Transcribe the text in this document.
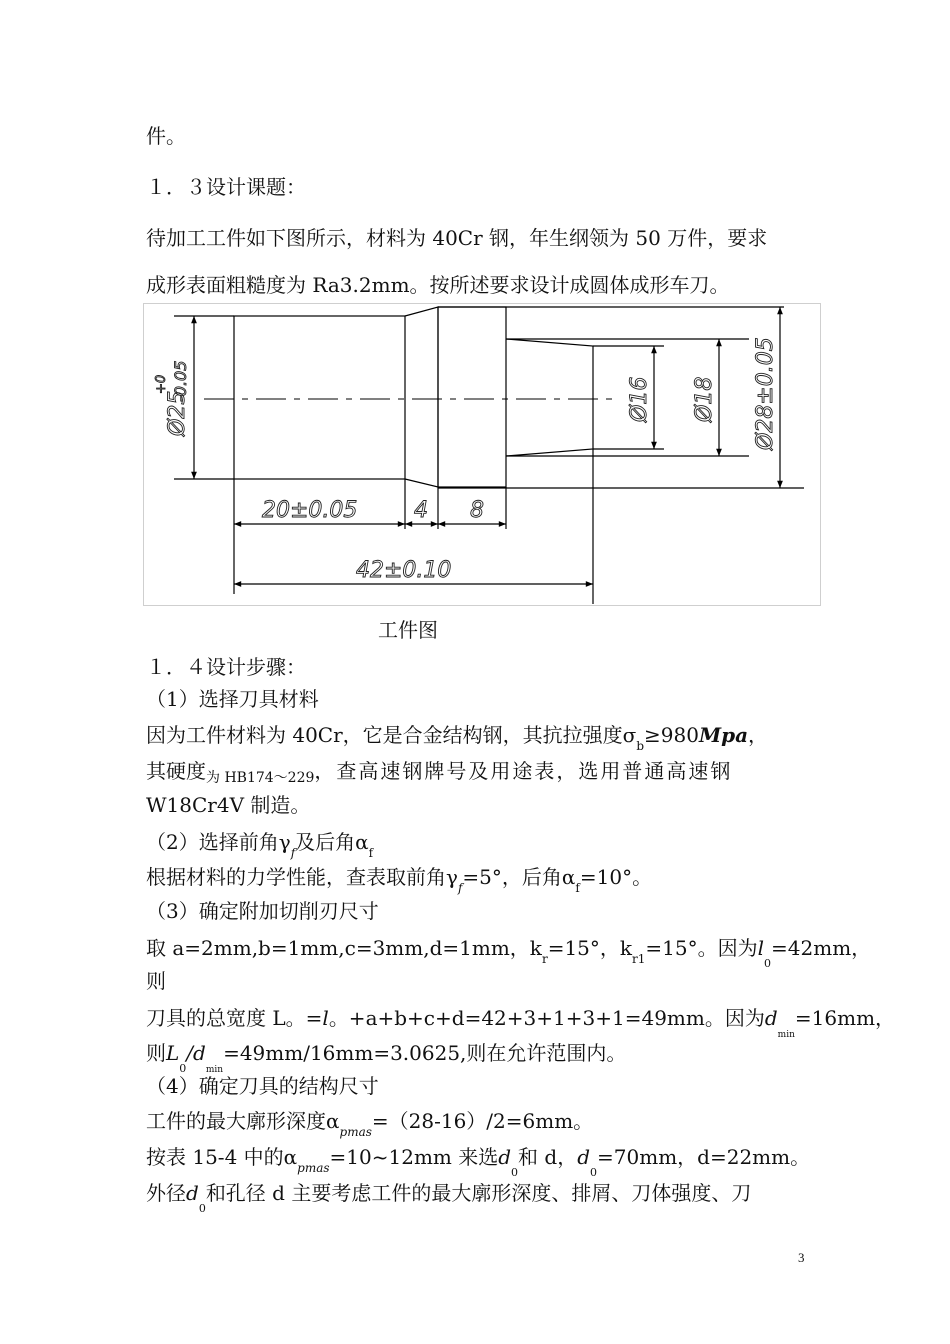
件。
１．３设计课题：
待加工工件如下图所示，材料为 40Cr 钢，年生纲领为 50 万件，要求
成形表面粗糙度为 Ra3.2mm。按所述要求设计成圆体成形车刀。
Ø25
+0 -0.05	Ø16 Ø18 Ø28±0.05
20±0.05	4 8
42±0.10
工件图
１．４设计步骤：
（1）选择刀具材料
因为工件材料为 40Cr，它是合金结构钢，其抗拉强度$\sigma_b\ge 980Mpa$，
其硬度$_{为 HB174\sim 229}$，查高速钢牌号及用途表，选用普通高速钢
W18Cr4V 制造。
（2）选择前角$\gamma_f$及后角$\alpha_f$
根据材料的力学性能，查表取前角$\gamma_f=5^\circ$，后角$\alpha_f=10^\circ$。
（3）确定附加切削刃尺寸
取 a=2mm,b=1mm,c=3mm,d=1mm，$k_r=15^\circ$，$k_{r1}=15^\circ$。因为$l_0=42mm$，
则
刀具的总宽度 L。=l。+a+b+c+d=42+3+1+3+1=49mm。因为$d_{min}=16mm$，
则$L_0/d_{min}=49mm/16mm=3.0625$,则在允许范围内。
（4）确定刀具的结构尺寸
工件的最大廓形深度$\alpha_{pmas}=(28-16)/2=6mm$。
按表 15-4 中的$\alpha_{pmas}=10\sim 12mm$ 来选$d_0$和 d，$d_0=70mm$，d=22mm。
外径$d_0$和孔径 d 主要考虑工件的最大廓形深度、排屑、刀体强度、刀
3
